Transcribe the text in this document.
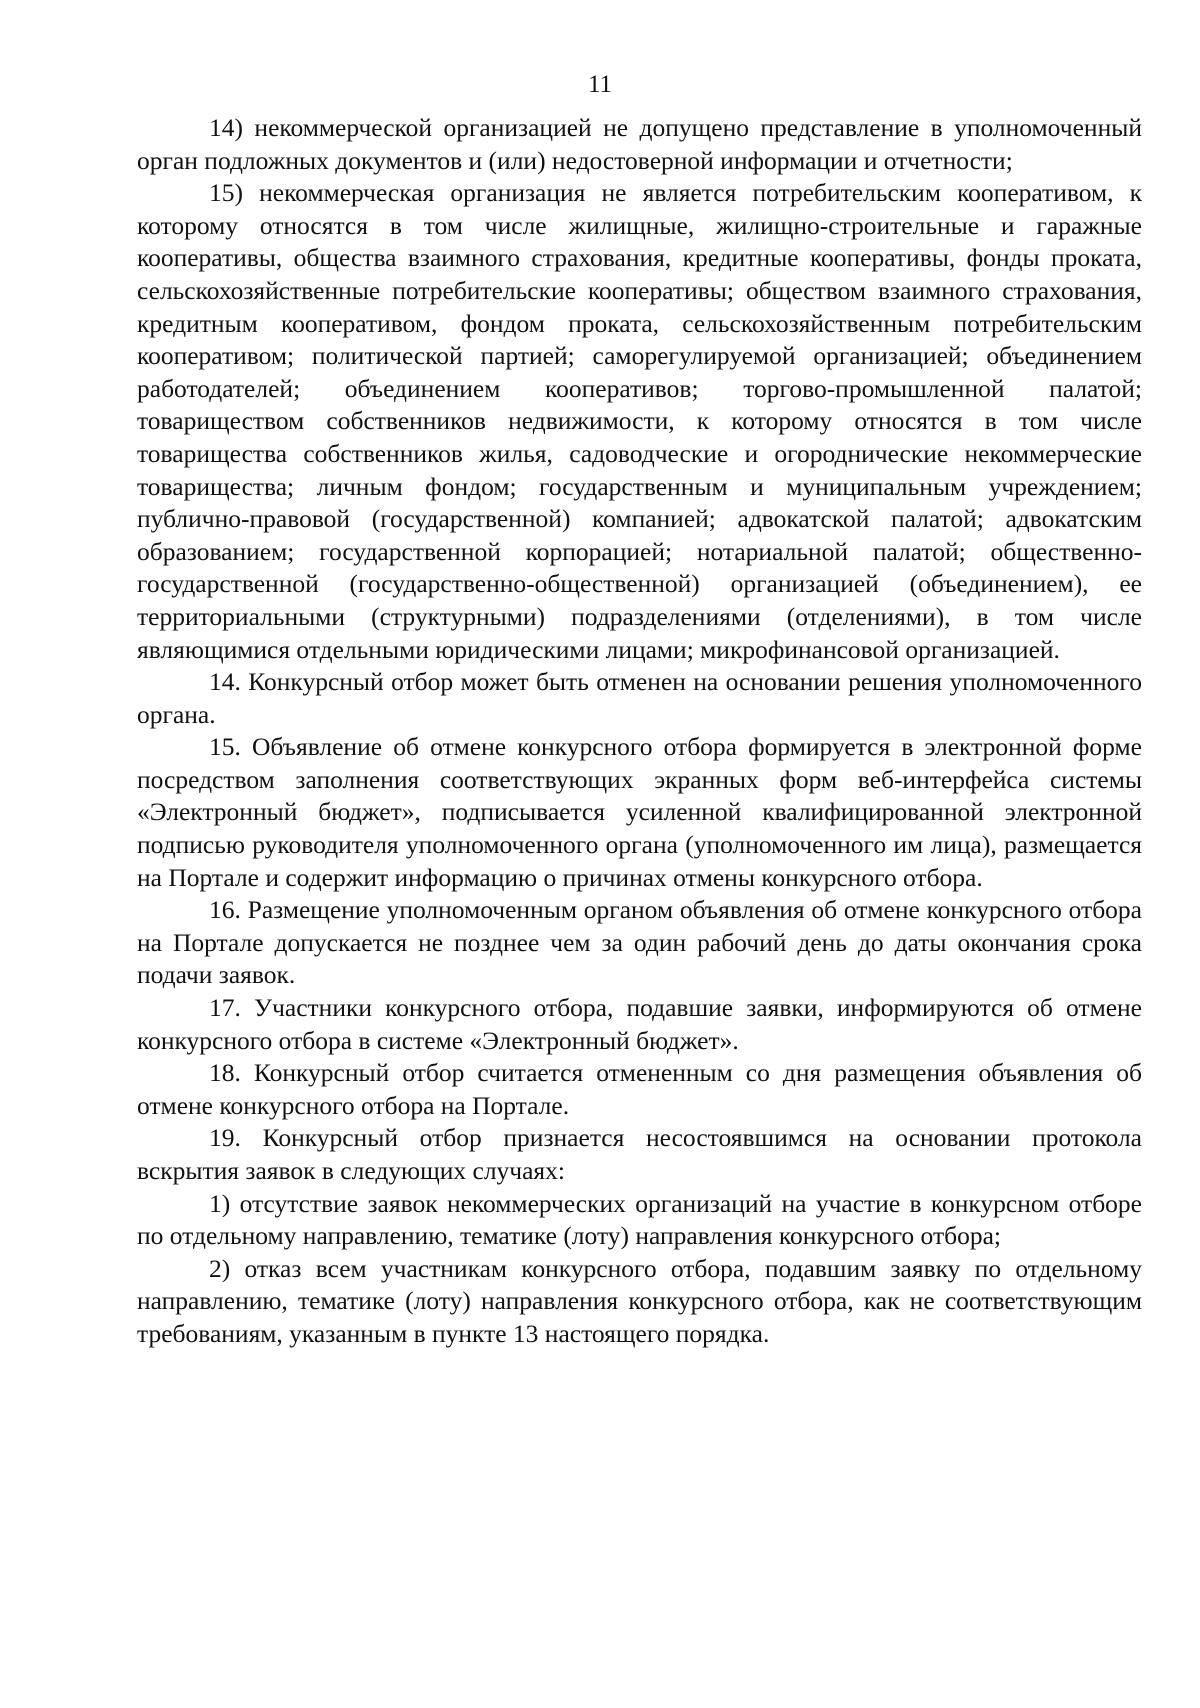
11

14) некоммерческой организацией не допущено представление в уполномоченный орган подложных документов и (или) недостоверной информации и отчетности;

15) некоммерческая организация не является потребительским кооперативом, к которому относятся в том числе жилищные, жилищно-строительные и гаражные кооперативы, общества взаимного страхования, кредитные кооперативы, фонды проката, сельскохозяйственные потребительские кооперативы; обществом взаимного страхования, кредитным кооперативом, фондом проката, сельскохозяйственным потребительским кооперативом; политической партией; саморегулируемой организацией; объединением работодателей; объединением кооперативов; торгово-промышленной палатой; товариществом собственников недвижимости, к которому относятся в том числе товарищества собственников жилья, садоводческие и огороднические некоммерческие товарищества; личным фондом; государственным и муниципальным учреждением; публично-правовой (государственной) компанией; адвокатской палатой; адвокатским образованием; государственной корпорацией; нотариальной палатой; общественно-государственной (государственно-общественной) организацией (объединением), ее территориальными (структурными) подразделениями (отделениями), в том числе являющимися отдельными юридическими лицами; микрофинансовой организацией.

14. Конкурсный отбор может быть отменен на основании решения уполномоченного органа.

15. Объявление об отмене конкурсного отбора формируется в электронной форме посредством заполнения соответствующих экранных форм веб-интерфейса системы «Электронный бюджет», подписывается усиленной квалифицированной электронной подписью руководителя уполномоченного органа (уполномоченного им лица), размещается на Портале и содержит информацию о причинах отмены конкурсного отбора.

16. Размещение уполномоченным органом объявления об отмене конкурсного отбора на Портале допускается не позднее чем за один рабочий день до даты окончания срока подачи заявок.

17. Участники конкурсного отбора, подавшие заявки, информируются об отмене конкурсного отбора в системе «Электронный бюджет».

18. Конкурсный отбор считается отмененным со дня размещения объявления об отмене конкурсного отбора на Портале.

19. Конкурсный отбор признается несостоявшимся на основании протокола вскрытия заявок в следующих случаях:

1) отсутствие заявок некоммерческих организаций на участие в конкурсном отборе по отдельному направлению, тематике (лоту) направления конкурсного отбора;

2) отказ всем участникам конкурсного отбора, подавшим заявку по отдельному направлению, тематике (лоту) направления конкурсного отбора, как не соответствующим требованиям, указанным в пункте 13 настоящего порядка.
